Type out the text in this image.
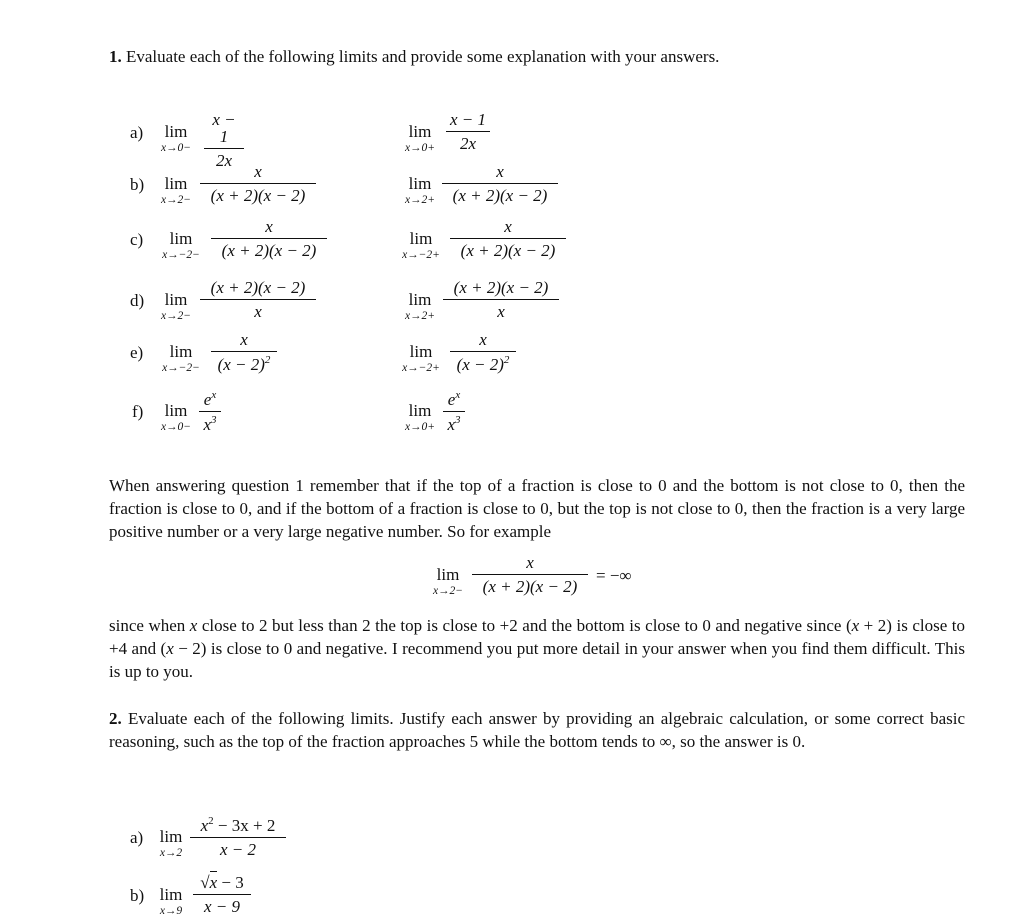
1. Evaluate each of the following limits and provide some explanation with your answers.
a)	lim
x→0−
x − 1
2x
lim
x→0+
x − 1
2x
b)	lim
x→2−
x
(x + 2)(x − 2)
lim
x→2+
x
(x + 2)(x − 2)
c)	lim
x→−2−
x
(x + 2)(x − 2)
lim
x→−2+
x
(x + 2)(x − 2)
d)	lim
x→2−
(x + 2)(x − 2)
x
lim
x→2+
(x + 2)(x − 2)
x
e)	lim
x→−2−
x
$(x - 2)^2$	lim
x→−2+
x
$(x - 2)^2$
f)	lim
x→0−
$e^x$
$x^3$	lim
x→0+
$e^x$
$x^3$
When answering question 1 remember that if the top of a fraction is close to 0 and the bottom is not close to 0, then the fraction is close to 0, and if the bottom of a fraction is close to 0, but the top is not close to 0, then the fraction is a very large positive number or a very large negative number. So for example
lim
x→2−
x
(x + 2)(x − 2)
= −∞
since when x close to 2 but less than 2 the top is close to +2 and the bottom is close to 0 and negative since (x + 2) is close to +4 and (x − 2) is close to 0 and negative. I recommend you put more detail in your answer when you find them difficult. This is up to you.
2. Evaluate each of the following limits. Justify each answer by providing an algebraic calculation, or some correct basic reasoning, such as the top of the fraction approaches 5 while the bottom tends to ∞, so the answer is 0.
a) lim
x→2
$x^2 - 3x + 2$
x − 2
b) lim
x→9
√x − 3
x − 9
